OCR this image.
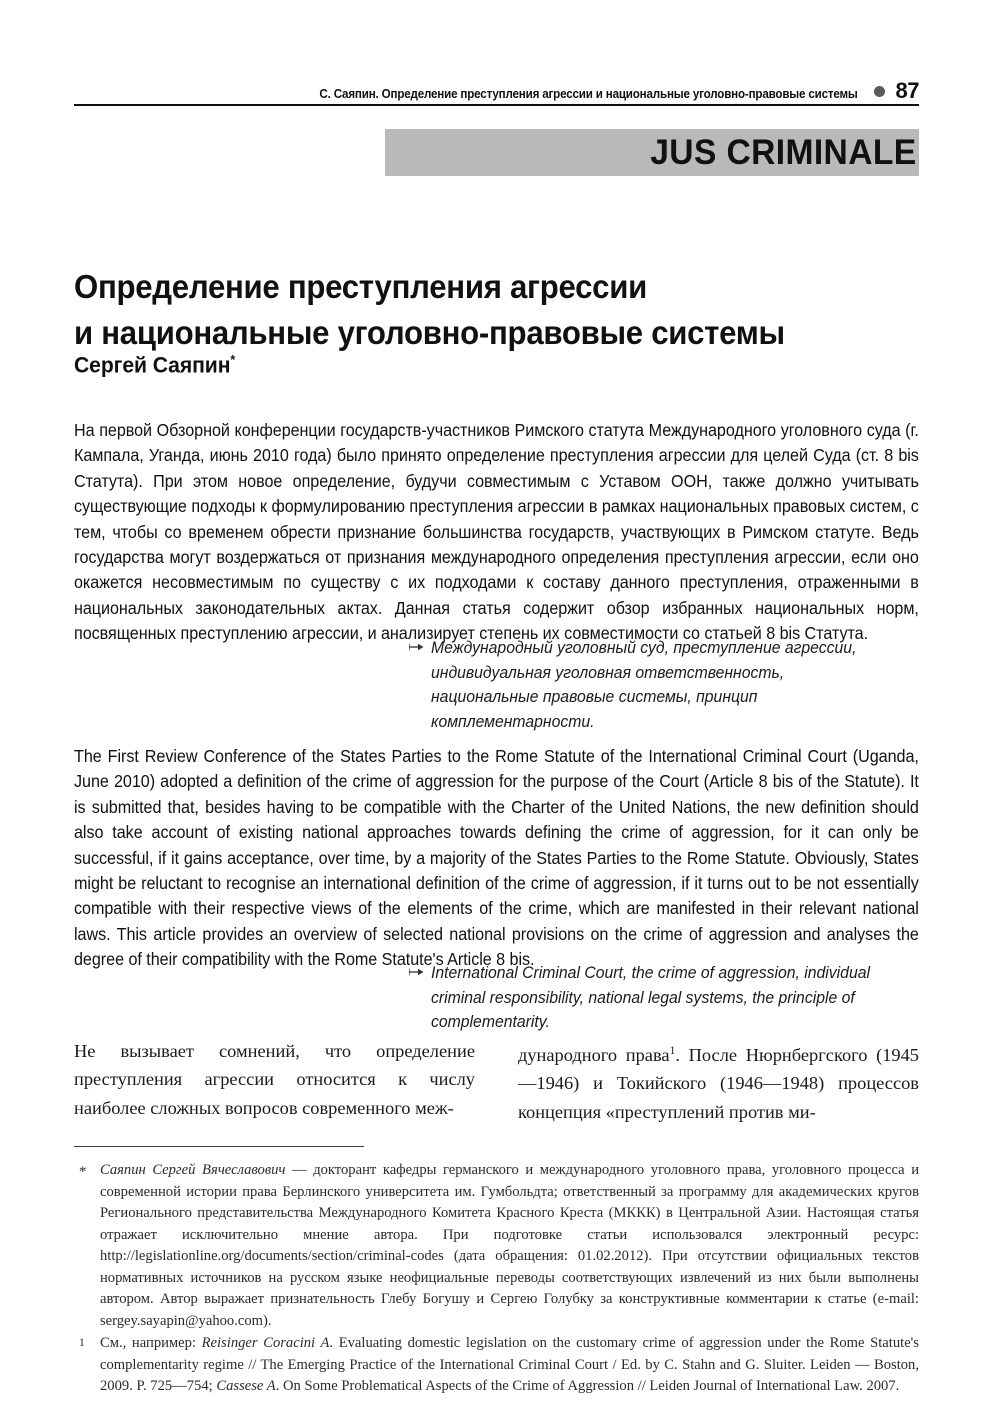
С. Саяпин. Определение преступления агрессии и национальные уголовно-правовые системы 87
JUS CRIMINALE
Определение преступления агрессии
и национальные уголовно-правовые системы
Сергей Саяпин*
На первой Обзорной конференции государств-участников Римского статута Международного уголовного суда (г. Кампала, Уганда, июнь 2010 года) было принято определение преступления агрессии для целей Суда (ст. 8 bis Статута). При этом новое определение, будучи совместимым с Уставом ООН, также должно учитывать существующие подходы к формулированию преступления агрессии в рамках национальных правовых систем, с тем, чтобы со временем обрести признание большинства государств, участвующих в Римском статуте. Ведь государства могут воздержаться от признания международного определения преступления агрессии, если оно окажется несовместимым по существу с их подходами к составу данного преступления, отраженными в национальных законодательных актах. Данная статья содержит обзор избранных национальных норм, посвященных преступлению агрессии, и анализирует степень их совместимости со статьей 8 bis Статута.
Международный уголовный суд, преступление агрессии, индивидуальная уголовная ответственность, национальные правовые системы, принцип комплементарности.
The First Review Conference of the States Parties to the Rome Statute of the International Criminal Court (Uganda, June 2010) adopted a definition of the crime of aggression for the purpose of the Court (Article 8 bis of the Statute). It is submitted that, besides having to be compatible with the Charter of the United Nations, the new definition should also take account of existing national approaches towards defining the crime of aggression, for it can only be successful, if it gains acceptance, over time, by a majority of the States Parties to the Rome Statute. Obviously, States might be reluctant to recognise an international definition of the crime of aggression, if it turns out to be not essentially compatible with their respective views of the elements of the crime, which are manifested in their relevant national laws. This article provides an overview of selected national provisions on the crime of aggression and analyses the degree of their compatibility with the Rome Statute's Article 8 bis.
International Criminal Court, the crime of aggression, individual criminal responsibility, national legal systems, the principle of complementarity.
Не вызывает сомнений, что определение преступления агрессии относится к числу наиболее сложных вопросов современного меж-
дународного права$^1$. После Нюрнбергского (1945—1946) и Токийского (1946—1948) процессов концепция «преступлений против ми-
* Саяпин Сергей Вячеславович — докторант кафедры германского и международного уголовного права, уголовного процесса и современной истории права Берлинского университета им. Гумбольдта; ответственный за программу для академических кругов Регионального представительства Международного Комитета Красного Креста (МККК) в Центральной Азии. Настоящая статья отражает исключительно мнение автора. При подготовке статьи использовался электронный ресурс: http://legislationline.org/documents/section/criminal-codes (дата обращения: 01.02.2012). При отсутствии официальных текстов нормативных источников на русском языке неофициальные переводы соответствующих извлечений из них были выполнены автором. Автор выражает признательность Глебу Богушу и Сергею Голубку за конструктивные комментарии к статье (e-mail: sergey.sayapin@yahoo.com).
1	См., например: Reisinger Coracini A. Evaluating domestic legislation on the customary crime of aggression under the Rome Statute's complementarity regime // The Emerging Practice of the International Criminal Court / Ed. by C. Stahn and G. Sluiter. Leiden — Boston, 2009. P. 725—754; Cassese A. On Some Problematical Aspects of the Crime of Aggression // Leiden Journal of International Law. 2007.
